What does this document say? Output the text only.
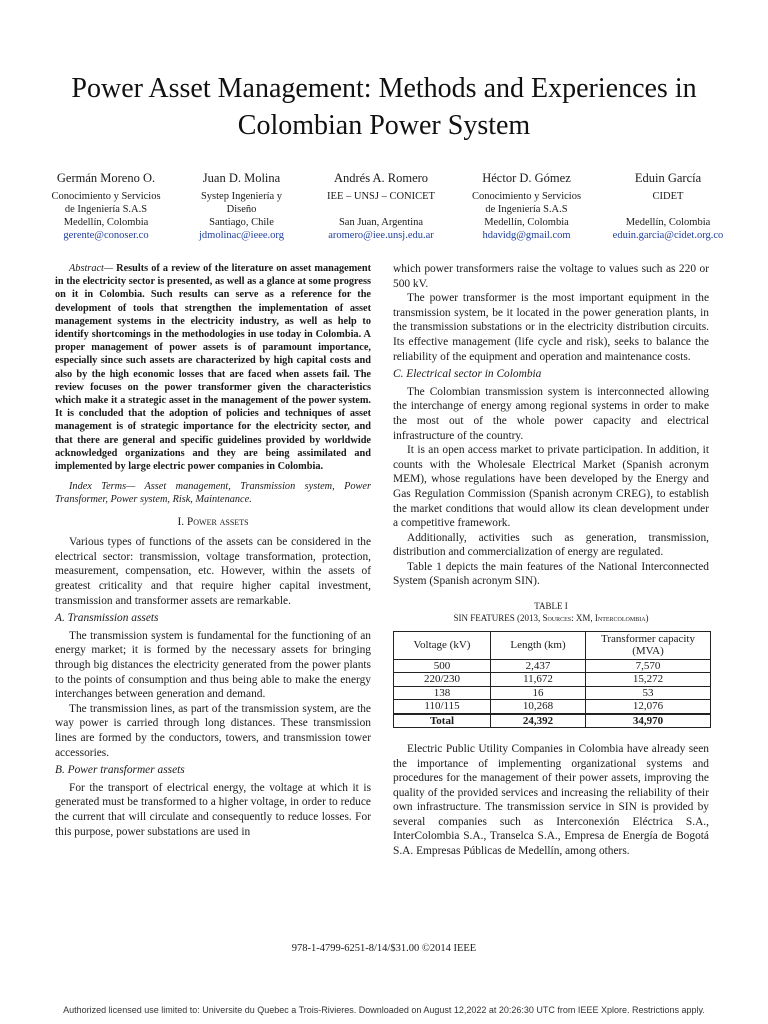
Power Asset Management: Methods and Experiences in Colombian Power System
Germán Moreno O.
Conocimiento y Servicios de Ingeniería S.A.S
Medellín, Colombia
gerente@conoser.co
Juan D. Molina
Systep Ingeniería y Diseño
Santiago, Chile
jdmolinac@ieee.org
Andrés A. Romero
IEE – UNSJ – CONICET
San Juan, Argentina
aromero@iee.unsj.edu.ar
Héctor D. Gómez
Conocimiento y Servicios de Ingeniería S.A.S
Medellín, Colombia
hdavidg@gmail.com
Eduin García
CIDET
Medellín, Colombia
eduin.garcia@cidet.org.co

Abstract— Results of a review of the literature on asset management in the electricity sector is presented, as well as a glance at some progress on it in Colombia. Such results can serve as a reference for the development of tools that strengthen the implementation of asset management systems in the electricity industry, as well as help to identify shortcomings in the methodologies in use today in Colombia. A proper management of power assets is of paramount importance, especially since such assets are characterized by high capital costs and also by the high economic losses that are faced when assets fail. The review focuses on the power transformer given the characteristics which make it a strategic asset in the management of the power system. It is concluded that the adoption of policies and techniques of asset management is of strategic importance for the electricity sector, and that there are general and specific guidelines provided by worldwide acknowledged organizations and they are being assimilated and implemented by large electric power companies in Colombia.

Index Terms— Asset management, Transmission system, Power Transformer, Power system, Risk, Maintenance.

I. Power assets

Various types of functions of the assets can be considered in the electrical sector: transmission, voltage transformation, protection, measurement, compensation, etc. However, within the assets of greatest criticality and that require higher capital investment, transmission and transformer assets are remarkable.

A. Transmission assets

The transmission system is fundamental for the functioning of an energy market; it is formed by the necessary assets for bringing through big distances the electricity generated from the power plants to the points of consumption and thus being able to make the energy interchanges between generation and demand.

The transmission lines, as part of the transmission system, are the way power is carried through long distances. These transmission lines are formed by the conductors, towers, and transmission tower accessories.

B. Power transformer assets

For the transport of electrical energy, the voltage at which it is generated must be transformed to a higher voltage, in order to reduce the current that will circulate and consequently to reduce losses. For this purpose, power substations are used in

which power transformers raise the voltage to values such as 220 or 500 kV.

The power transformer is the most important equipment in the transmission system, be it located in the power generation plants, in the transmission substations or in the electricity distribution circuits. Its effective management (life cycle and risk), seeks to balance the reliability of the equipment and operation and maintenance costs.

C. Electrical sector in Colombia

The Colombian transmission system is interconnected allowing the interchange of energy among regional systems in order to make the most out of the whole power capacity and electrical infrastructure of the country.

It is an open access market to private participation. In addition, it counts with the Wholesale Electrical Market (Spanish acronym MEM), whose regulations have been developed by the Energy and Gas Regulation Commission (Spanish acronym CREG), to establish the market conditions that would allow its clean development under a competitive framework.

Additionally, activities such as generation, transmission, distribution and commercialization of energy are regulated.

Table 1 depicts the main features of the National Interconnected System (Spanish acronym SIN).

TABLE I
SIN FEATURES (2013, Sources: XM, Intercolombia)
Voltage (kV)	Length (km)	Transformer capacity (MVA)
500	2,437	7,570
220/230	11,672	15,272
138	16	53
110/115	10,268	12,076
Total	24,392	34,970

Electric Public Utility Companies in Colombia have already seen the importance of implementing organizational systems and procedures for the management of their power assets, improving the quality of the provided services and increasing the reliability of their own infrastructure. The transmission service in SIN is provided by several companies such as Interconexión Eléctrica S.A., InterColombia S.A., Transelca S.A., Empresa de Energía de Bogotá S.A. Empresas Públicas de Medellín, among others.

978-1-4799-6251-8/14/$31.00 ©2014 IEEE
Authorized licensed use limited to: Universite du Quebec a Trois-Rivieres. Downloaded on August 12,2022 at 20:26:30 UTC from IEEE Xplore. Restrictions apply.
